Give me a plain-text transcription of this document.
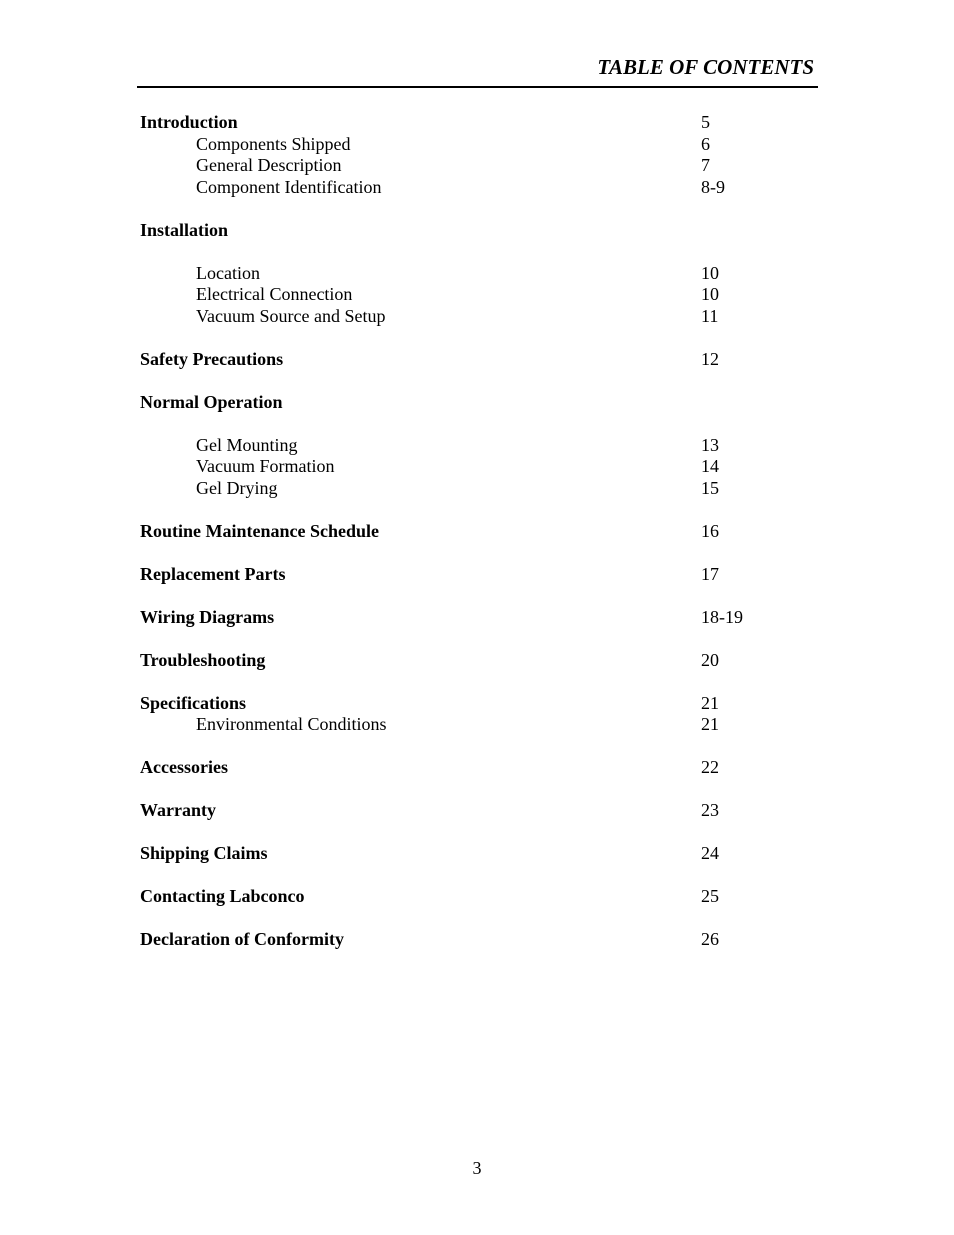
TABLE OF CONTENTS
Introduction	5
Components Shipped	6
General Description	7
Component Identification	8-9
Installation
Location	10
Electrical Connection	10
Vacuum Source and Setup	11
Safety Precautions	12
Normal Operation
Gel Mounting	13
Vacuum Formation	14
Gel Drying	15
Routine Maintenance Schedule	16
Replacement Parts	17
Wiring Diagrams	18-19
Troubleshooting	20
Specifications	21
Environmental Conditions	21
Accessories	22
Warranty	23
Shipping Claims	24
Contacting Labconco	25
Declaration of Conformity	26
3
